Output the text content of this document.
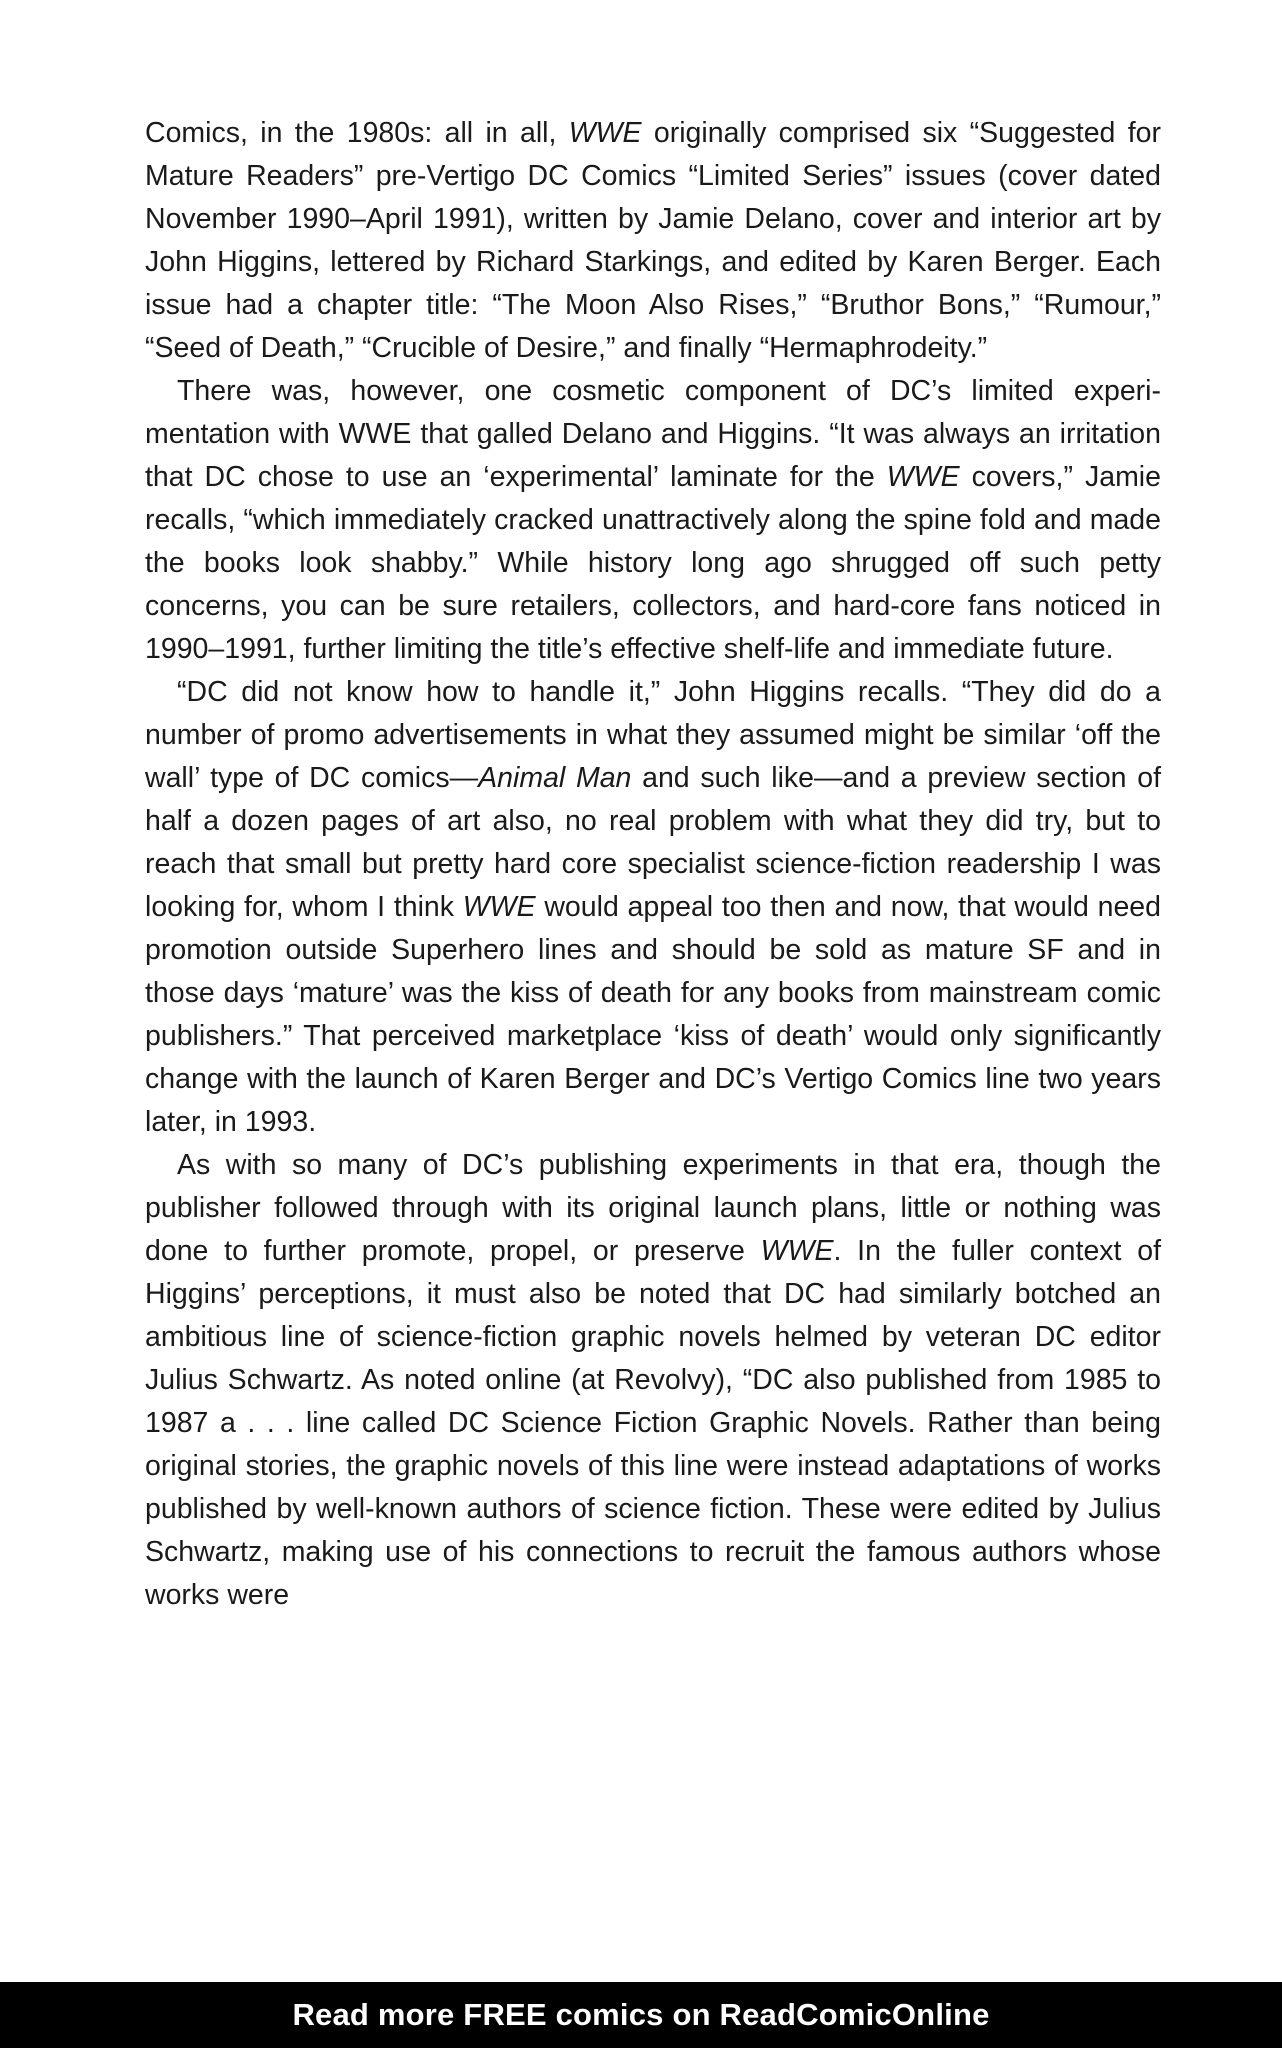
Comics, in the 1980s: all in all, WWE originally comprised six “Suggested for Mature Readers” pre-Vertigo DC Comics “Limited Series” issues (cover dated November 1990–April 1991), written by Jamie Delano, cover and interior art by John Higgins, lettered by Richard Starkings, and edited by Karen Berger. Each issue had a chapter title: “The Moon Also Rises,” “Bruthor Bons,” “Rumour,” “Seed of Death,” “Crucible of Desire,” and finally “Hermaphrodeity.”

There was, however, one cosmetic component of DC’s limited experimentation with WWE that galled Delano and Higgins. “It was always an irritation that DC chose to use an ‘experimental’ laminate for the WWE covers,” Jamie recalls, “which immediately cracked unattractively along the spine fold and made the books look shabby.” While history long ago shrugged off such petty concerns, you can be sure retailers, collectors, and hard-core fans noticed in 1990–1991, further limiting the title’s effective shelf-life and immediate future.

“DC did not know how to handle it,” John Higgins recalls. “They did do a number of promo advertisements in what they assumed might be similar ‘off the wall’ type of DC comics—Animal Man and such like—and a preview section of half a dozen pages of art also, no real problem with what they did try, but to reach that small but pretty hard core specialist science-fiction readership I was looking for, whom I think WWE would appeal too then and now, that would need promotion outside Superhero lines and should be sold as mature SF and in those days ‘mature’ was the kiss of death for any books from mainstream comic publishers.” That perceived marketplace ‘kiss of death’ would only significantly change with the launch of Karen Berger and DC’s Vertigo Comics line two years later, in 1993.

As with so many of DC’s publishing experiments in that era, though the publisher followed through with its original launch plans, little or nothing was done to further promote, propel, or preserve WWE. In the fuller context of Higgins’ perceptions, it must also be noted that DC had similarly botched an ambitious line of science-fiction graphic novels helmed by veteran DC editor Julius Schwartz. As noted online (at Revolvy), “DC also published from 1985 to 1987 a . . . line called DC Science Fiction Graphic Novels. Rather than being original stories, the graphic novels of this line were instead adaptations of works published by well-known authors of science fiction. These were edited by Julius Schwartz, making use of his connections to recruit the famous authors whose works were

Read more FREE comics on ReadComicOnline
